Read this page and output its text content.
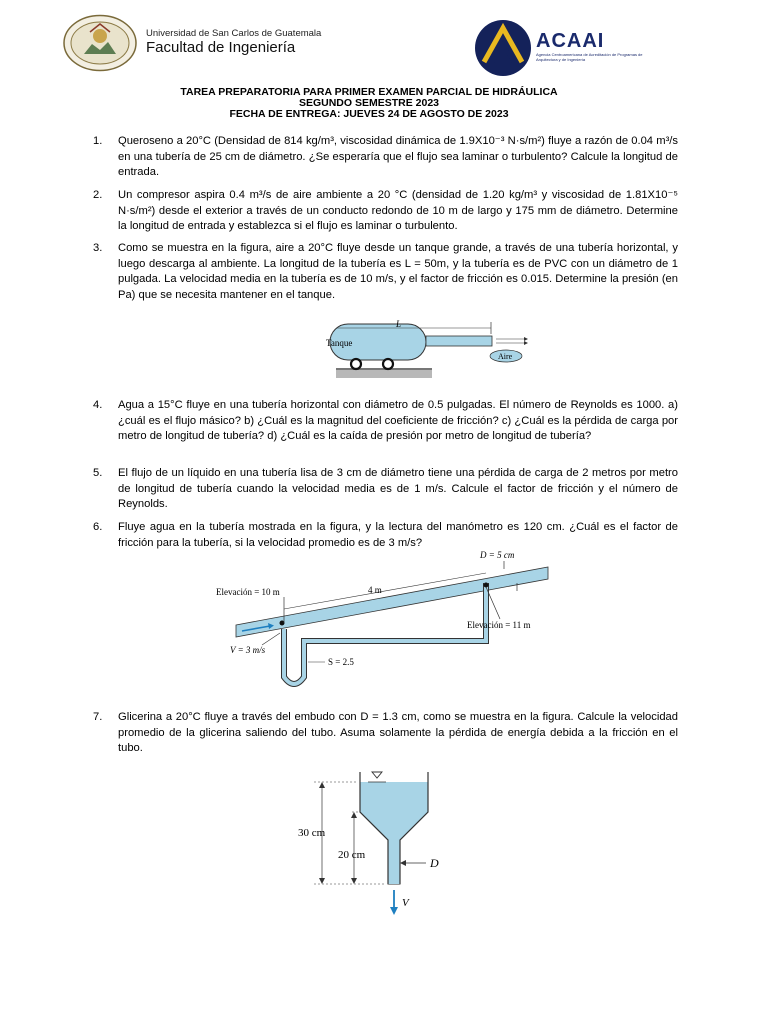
Universidad de San Carlos de Guatemala
Facultad de Ingeniería	ACAAI
Agencia Centroamericana de Acreditación de Programas de Arquitectura y de Ingeniería
TAREA PREPARATORIA PARA PRIMER EXAMEN PARCIAL DE HIDRÁULICA
SEGUNDO SEMESTRE 2023
FECHA DE ENTREGA: JUEVES 24 DE AGOSTO DE 2023
1. Queroseno a 20°C (Densidad de 814 kg/m³, viscosidad dinámica de 1.9X10⁻³ N·s/m²) fluye a razón de 0.04 m³/s en una tubería de 25 cm de diámetro. ¿Se esperaría que el flujo sea laminar o turbulento? Calcule la longitud de entrada.
2. Un compresor aspira 0.4 m³/s de aire ambiente a 20 °C (densidad de 1.20 kg/m³ y viscosidad de 1.81X10⁻⁵ N·s/m²) desde el exterior a través de un conducto redondo de 10 m de largo y 175 mm de diámetro. Determine la longitud de entrada y establezca si el flujo es laminar o turbulento.
3. Como se muestra en la figura, aire a 20°C fluye desde un tanque grande, a través de una tubería horizontal, y luego descarga al ambiente. La longitud de la tubería es L = 50m, y la tubería es de PVC con un diámetro de 1 pulgada. La velocidad media en la tubería es de 10 m/s, y el factor de fricción es 0.015. Determine la presión (en Pa) que se necesita mantener en el tanque.
Tanque
L
Aire
4. Agua a 15°C fluye en una tubería horizontal con diámetro de 0.5 pulgadas. El número de Reynolds es 1000. a) ¿cuál es el flujo másico? b) ¿Cuál es la magnitud del coeficiente de fricción? c) ¿Cuál es la pérdida de carga por metro de longitud de tubería? d) ¿Cuál es la caída de presión por metro de longitud de tubería?
5. El flujo de un líquido en una tubería lisa de 3 cm de diámetro tiene una pérdida de carga de 2 metros por metro de longitud de tubería cuando la velocidad media es de 1 m/s. Calcule el factor de fricción y el número de Reynolds.
6. Fluye agua en la tubería mostrada en la figura, y la lectura del manómetro es 120 cm. ¿Cuál es el factor de fricción para la tubería, si la velocidad promedio es de 3 m/s?
D = 5 cm
Elevación = 10 m	4 m
Elevación = 11 m
V = 3 m/s
S = 2.5
7. Glicerina a 20°C fluye a través del embudo con D = 1.3 cm, como se muestra en la figura. Calcule la velocidad promedio de la glicerina saliendo del tubo. Asuma solamente la pérdida de energía debida a la fricción en el tubo.
30 cm
20 cm
D
V
